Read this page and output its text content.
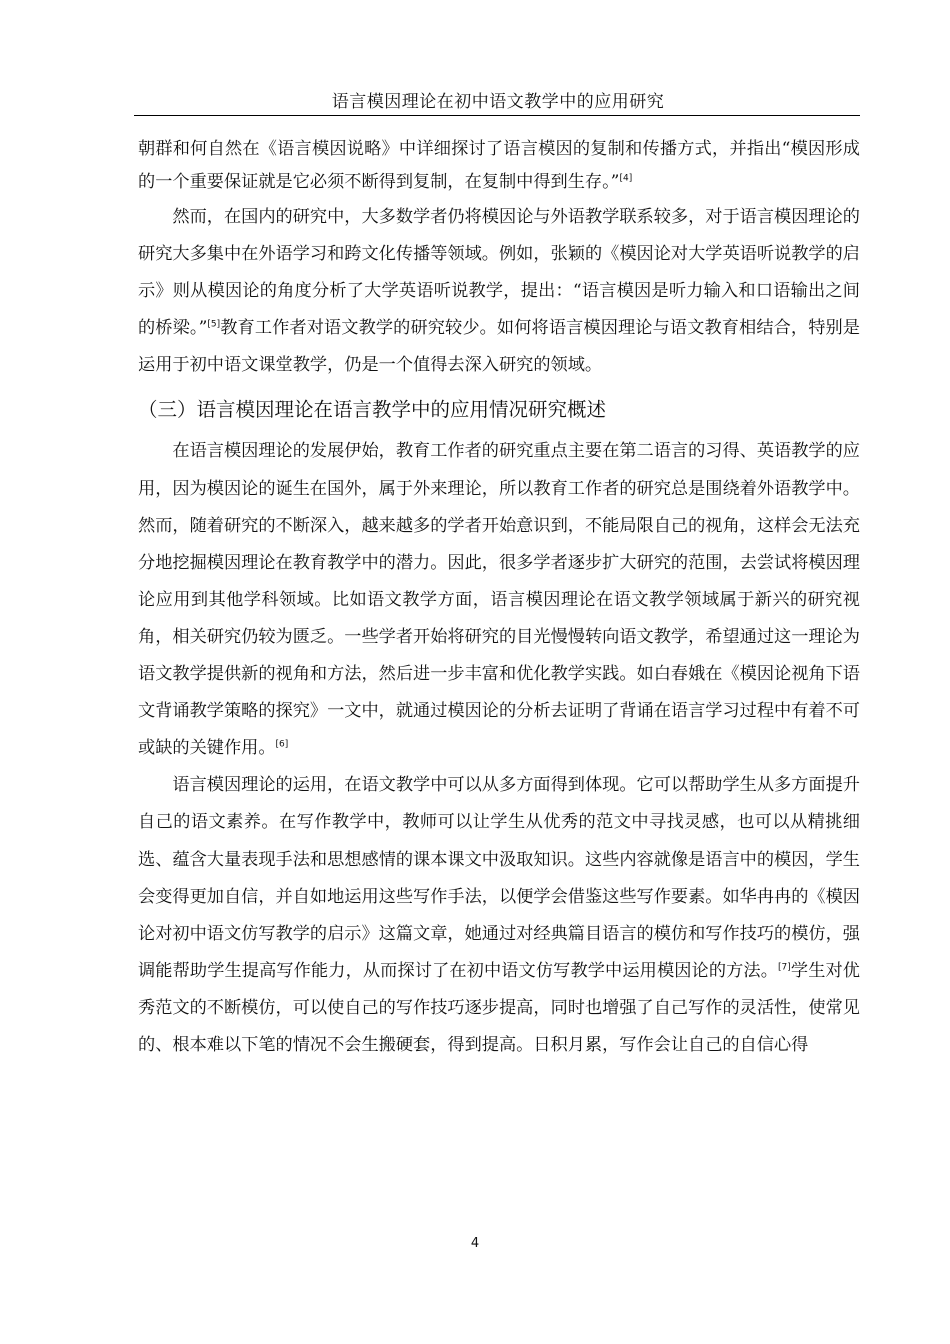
语言模因理论在初中语文教学中的应用研究

朝群和何自然在《语言模因说略》中详细探讨了语言模因的复制和传播方式，并指出“模因形成的一个重要保证就是它必须不断得到复制，在复制中得到生存。”[4]

然而，在国内的研究中，大多数学者仍将模因论与外语教学联系较多，对于语言模因理论的研究大多集中在外语学习和跨文化传播等领域。例如，张颖的《模因论对大学英语听说教学的启示》则从模因论的角度分析了大学英语听说教学，提出：“语言模因是听力输入和口语输出之间的桥梁。”[5]教育工作者对语文教学的研究较少。如何将语言模因理论与语文教育相结合，特别是运用于初中语文课堂教学，仍是一个值得去深入研究的领域。

（三）语言模因理论在语言教学中的应用情况研究概述

在语言模因理论的发展伊始，教育工作者的研究重点主要在第二语言的习得、英语教学的应用，因为模因论的诞生在国外，属于外来理论，所以教育工作者的研究总是围绕着外语教学中。然而，随着研究的不断深入，越来越多的学者开始意识到，不能局限自己的视角，这样会无法充分地挖掘模因理论在教育教学中的潜力。因此，很多学者逐步扩大研究的范围，去尝试将模因理论应用到其他学科领域。比如语文教学方面，语言模因理论在语文教学领域属于新兴的研究视角，相关研究仍较为匮乏。一些学者开始将研究的目光慢慢转向语文教学，希望通过这一理论为语文教学提供新的视角和方法，然后进一步丰富和优化教学实践。如白春娥在《模因论视角下语文背诵教学策略的探究》一文中，就通过模因论的分析去证明了背诵在语言学习过程中有着不可或缺的关键作用。[6]

语言模因理论的运用，在语文教学中可以从多方面得到体现。它可以帮助学生从多方面提升自己的语文素养。在写作教学中，教师可以让学生从优秀的范文中寻找灵感，也可以从精挑细选、蕴含大量表现手法和思想感情的课本课文中汲取知识。这些内容就像是语言中的模因，学生会变得更加自信，并自如地运用这些写作手法，以便学会借鉴这些写作要素。如华冉冉的《模因论对初中语文仿写教学的启示》这篇文章，她通过对经典篇目语言的模仿和写作技巧的模仿，强调能帮助学生提高写作能力，从而探讨了在初中语文仿写教学中运用模因论的方法。[7]学生对优秀范文的不断模仿，可以使自己的写作技巧逐步提高，同时也增强了自己写作的灵活性，使常见的、根本难以下笔的情况不会生搬硬套，得到提高。日积月累，写作会让自己的自信心得

4
